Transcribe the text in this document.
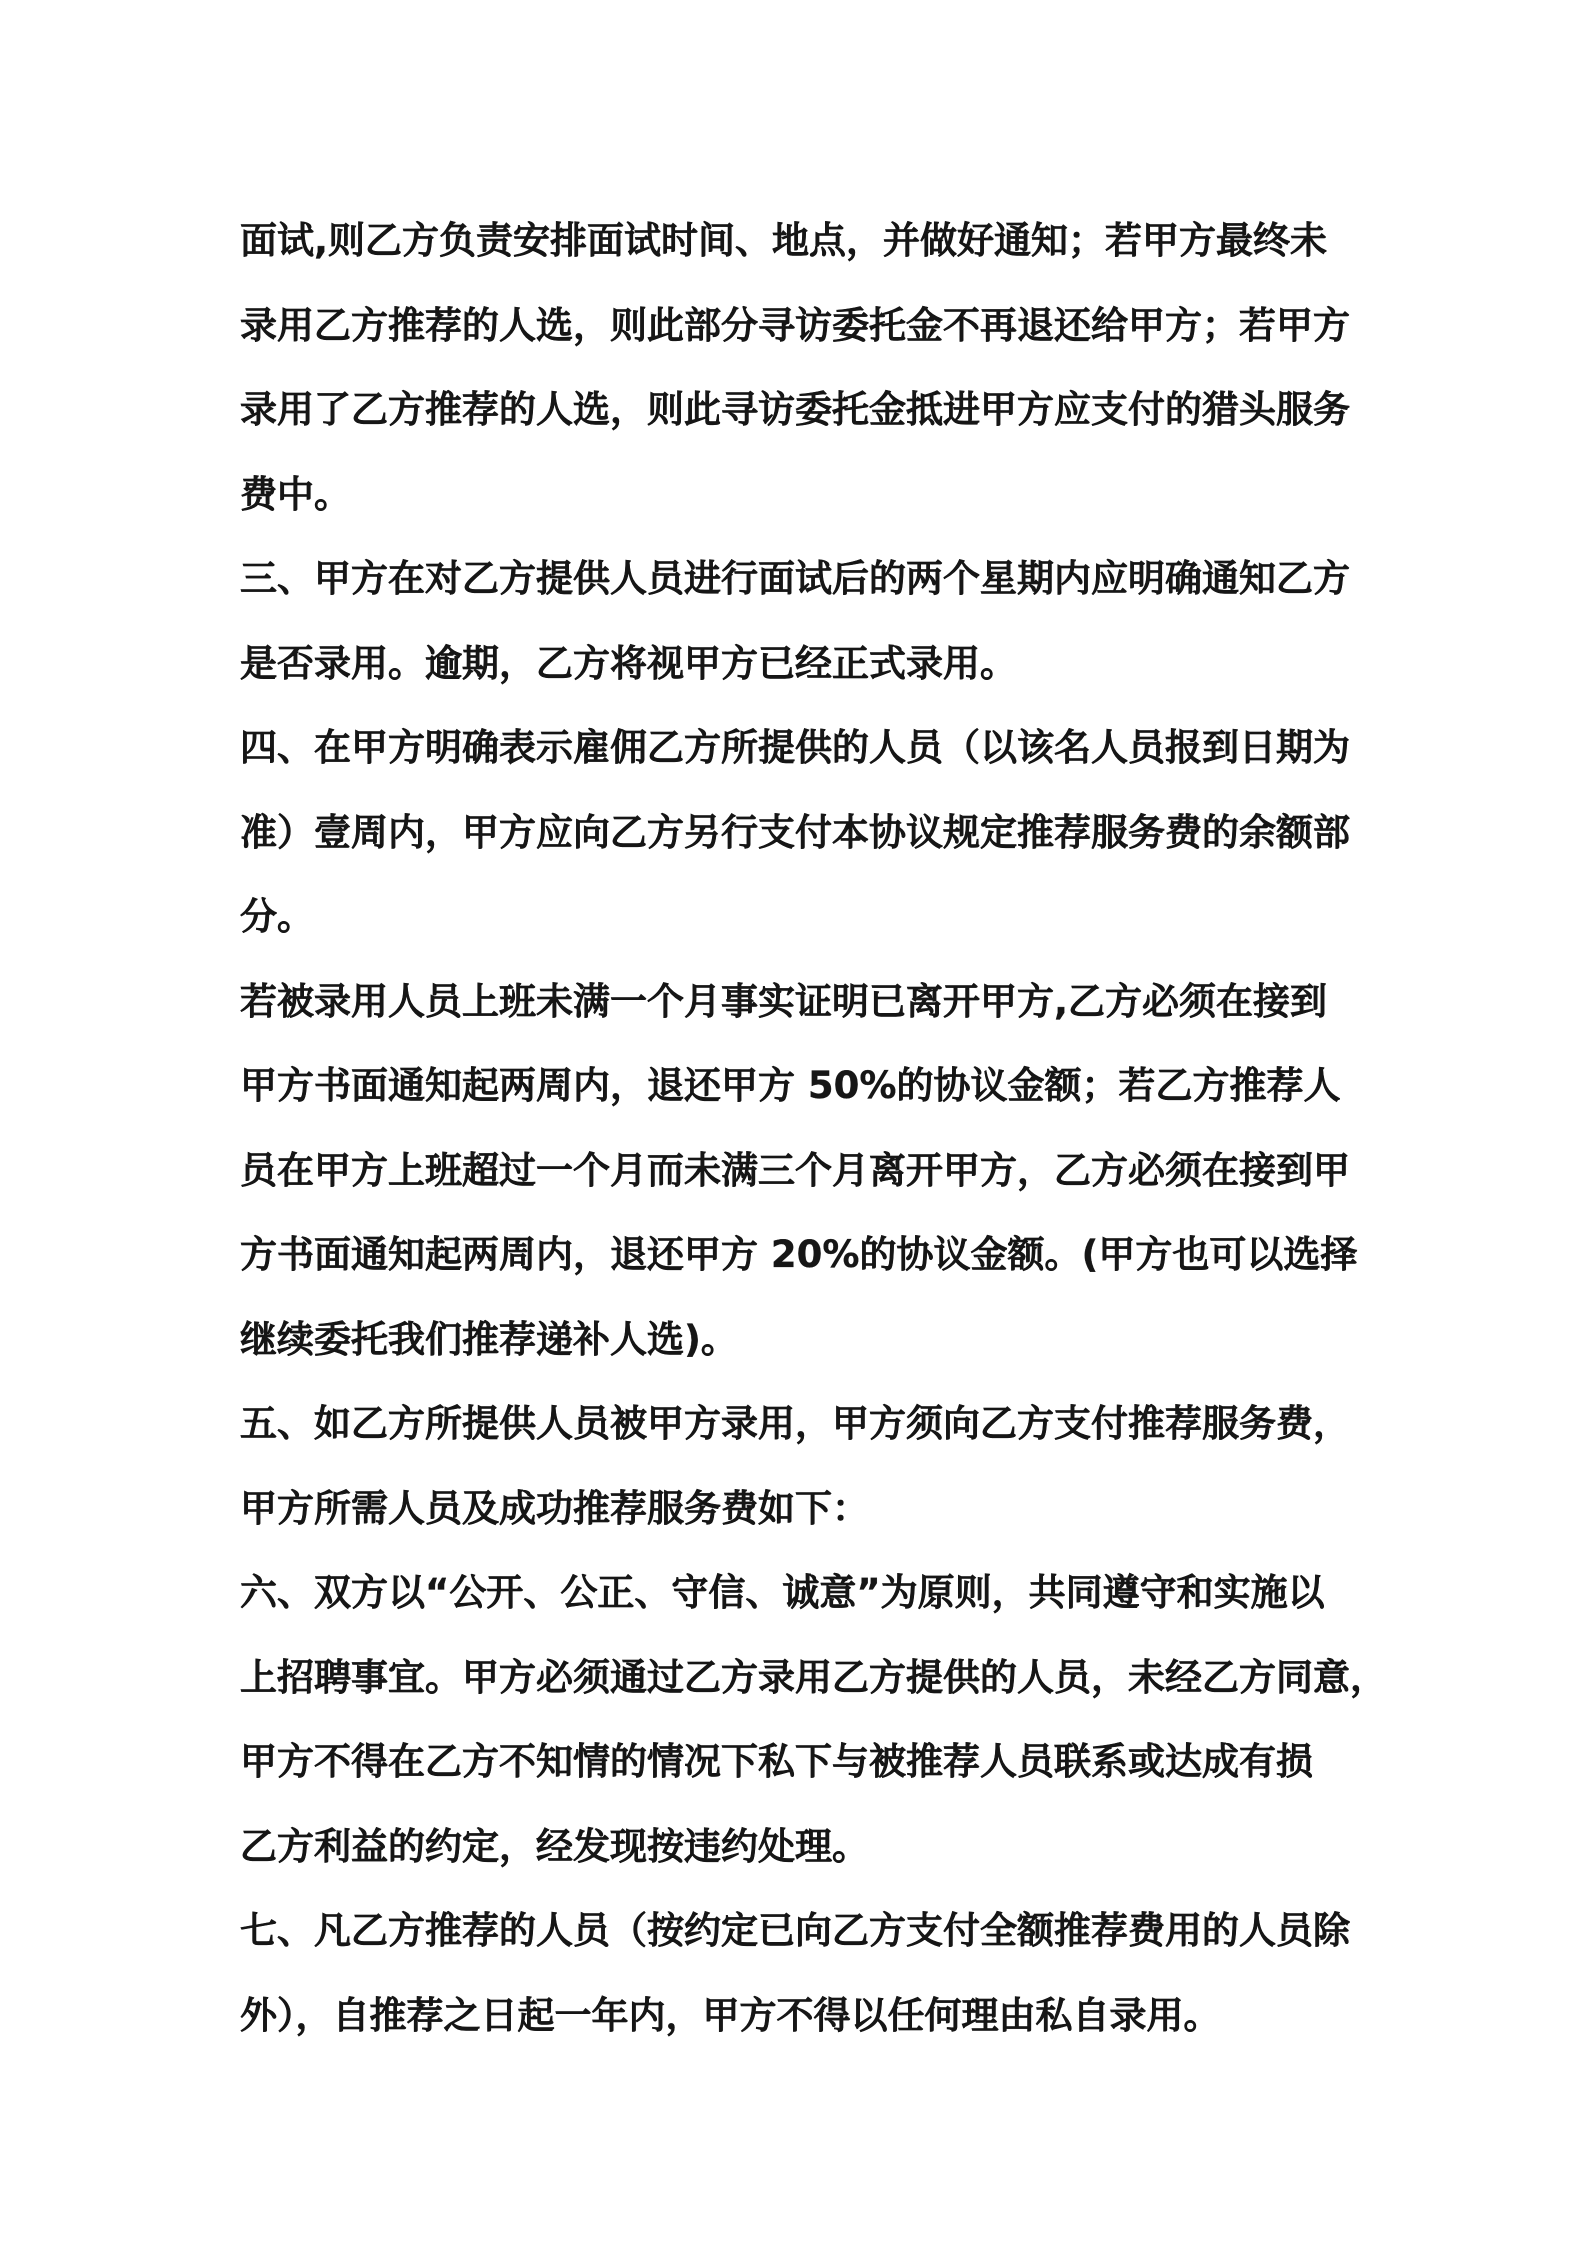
面试,则乙方负责安排面试时间、地点，并做好通知；若甲方最终未
录用乙方推荐的人选，则此部分寻访委托金不再退还给甲方；若甲方
录用了乙方推荐的人选，则此寻访委托金抵进甲方应支付的猎头服务
费中。
三、甲方在对乙方提供人员进行面试后的两个星期内应明确通知乙方
是否录用。逾期，乙方将视甲方已经正式录用。
四、在甲方明确表示雇佣乙方所提供的人员（以该名人员报到日期为
准）壹周内，甲方应向乙方另行支付本协议规定推荐服务费的余额部
分。
若被录用人员上班未满一个月事实证明已离开甲方,乙方必须在接到
甲方书面通知起两周内，退还甲方 50%的协议金额；若乙方推荐人
员在甲方上班超过一个月而未满三个月离开甲方，乙方必须在接到甲
方书面通知起两周内，退还甲方 20%的协议金额。(甲方也可以选择
继续委托我们推荐递补人选)。
五、如乙方所提供人员被甲方录用，甲方须向乙方支付推荐服务费，
甲方所需人员及成功推荐服务费如下：
六、双方以“公开、公正、守信、诚意”为原则，共同遵守和实施以
上招聘事宜。甲方必须通过乙方录用乙方提供的人员，未经乙方同意，
甲方不得在乙方不知情的情况下私下与被推荐人员联系或达成有损
乙方利益的约定，经发现按违约处理。
七、凡乙方推荐的人员（按约定已向乙方支付全额推荐费用的人员除
外），自推荐之日起一年内，甲方不得以任何理由私自录用。
